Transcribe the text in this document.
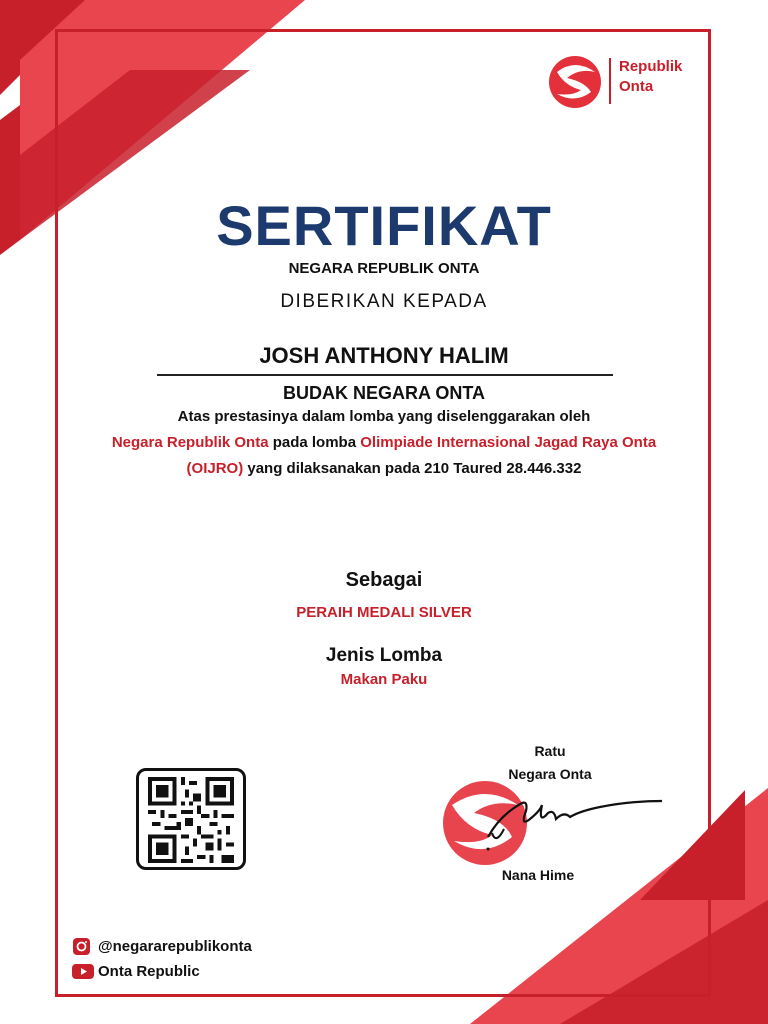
Republik
Onta
SERTIFIKAT
NEGARA REPUBLIK ONTA
DIBERIKAN KEPADA
JOSH ANTHONY HALIM
BUDAK NEGARA ONTA
Atas prestasinya dalam lomba yang diselenggarakan oleh
Negara Republik Onta pada lomba Olimpiade Internasional Jagad Raya Onta (OIJRO) yang dilaksanakan pada 210 Taured 28.446.332
Sebagai
PERAIH MEDALI SILVER
Jenis Lomba
Makan Paku
Ratu
Negara Onta
Nana Hime
@negararepublikonta
Onta Republic
